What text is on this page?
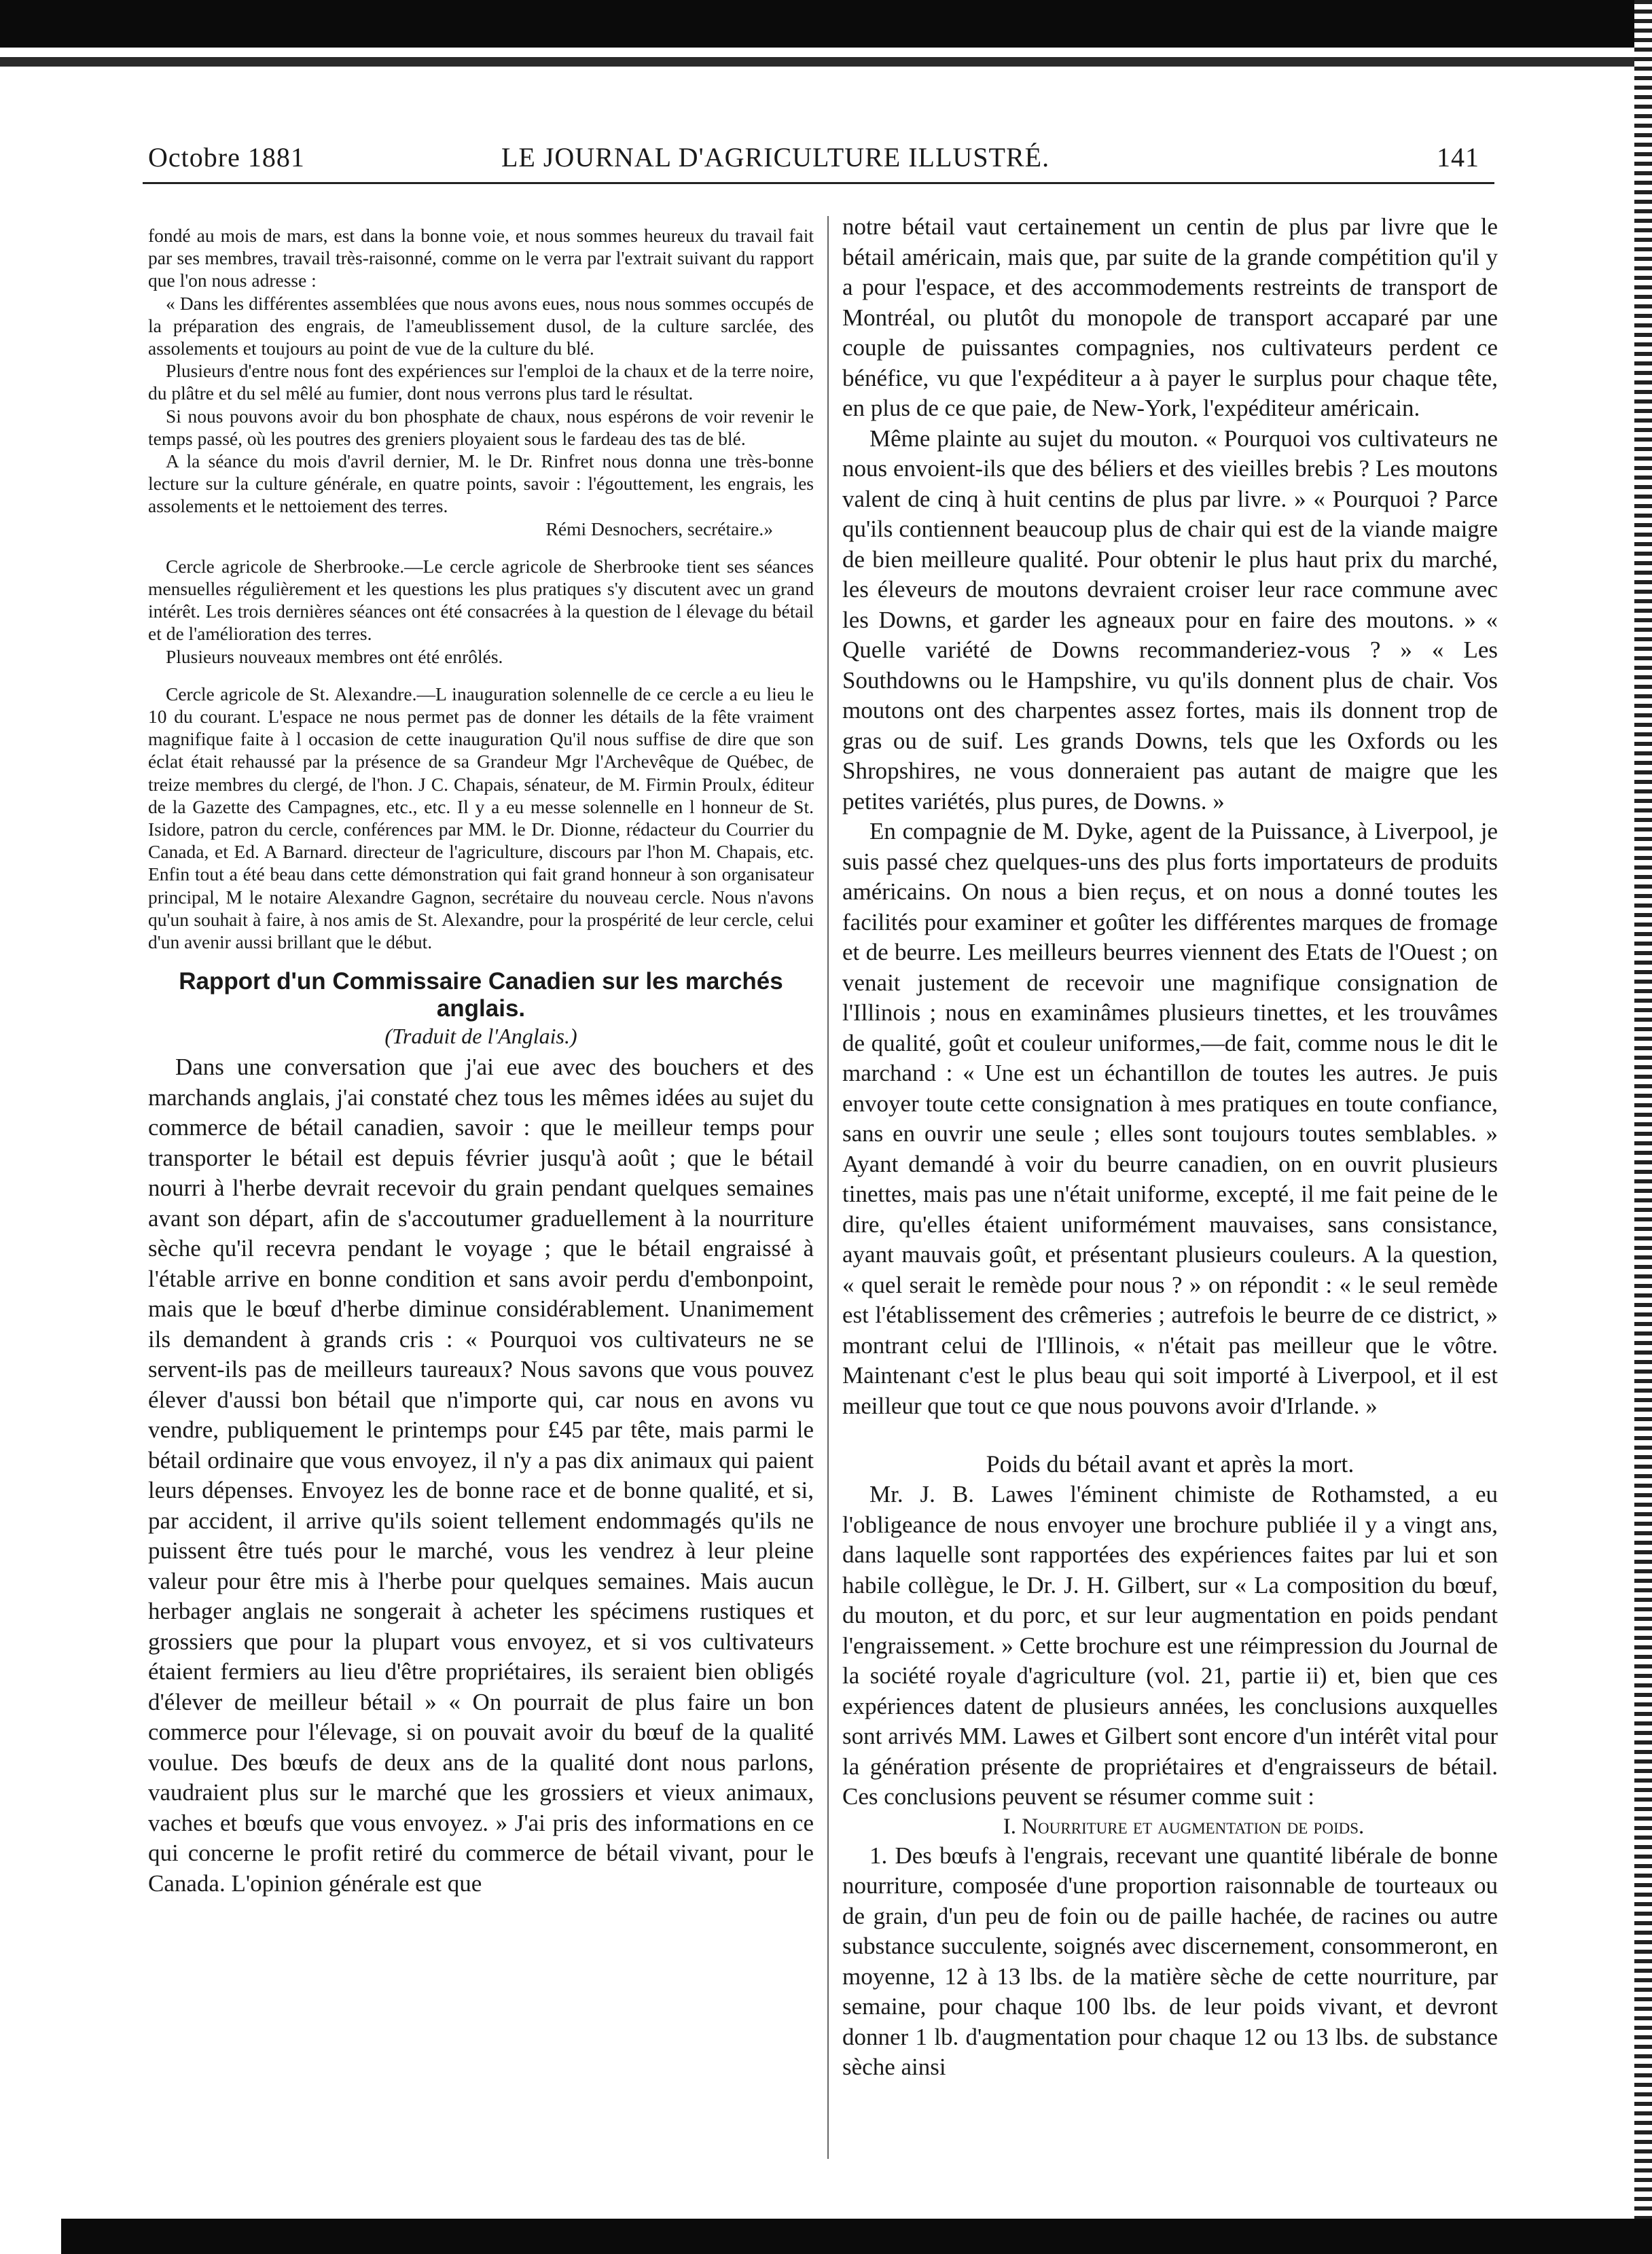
Octobre 1881	LE JOURNAL D'AGRICULTURE ILLUSTRÉ.	141

fondé au mois de mars, est dans la bonne voie, et nous sommes heureux du travail fait par ses membres, travail très-raisonné, comme on le verra par l'extrait suivant du rapport que l'on nous adresse :

« Dans les différentes assemblées que nous avons eues, nous nous sommes occupés de la préparation des engrais, de l'ameublissement dusol, de la culture sarclée, des assolements et toujours au point de vue de la culture du blé.

Plusieurs d'entre nous font des expériences sur l'emploi de la chaux et de la terre noire, du plâtre et du sel mêlé au fumier, dont nous verrons plus tard le résultat.

Si nous pouvons avoir du bon phosphate de chaux, nous espérons de voir revenir le temps passé, où les poutres des greniers ployaient sous le fardeau des tas de blé.

A la séance du mois d'avril dernier, M. le Dr. Rinfret nous donna une très-bonne lecture sur la culture générale, en quatre points, savoir : l'égouttement, les engrais, les assolements et le nettoiement des terres.

Rémi Desnochers, secrétaire.»

Cercle agricole de Sherbrooke.—Le cercle agricole de Sherbrooke tient ses séances mensuelles régulièrement et les questions les plus pratiques s'y discutent avec un grand intérêt. Les trois dernières séances ont été consacrées à la question de l élevage du bétail et de l'amélioration des terres.

Plusieurs nouveaux membres ont été enrôlés.

Cercle agricole de St. Alexandre.—L inauguration solennelle de ce cercle a eu lieu le 10 du courant. L'espace ne nous permet pas de donner les détails de la fête vraiment magnifique faite à l occasion de cette inauguration Qu'il nous suffise de dire que son éclat était rehaussé par la présence de sa Grandeur Mgr l'Archevêque de Québec, de treize membres du clergé, de l'hon. J C. Chapais, sénateur, de M. Firmin Proulx, éditeur de la Gazette des Campagnes, etc., etc. Il y a eu messe solennelle en l honneur de St. Isidore, patron du cercle, conférences par MM. le Dr. Dionne, rédacteur du Courrier du Canada, et Ed. A Barnard. directeur de l'agriculture, discours par l'hon M. Chapais, etc. Enfin tout a été beau dans cette démonstration qui fait grand honneur à son organisateur principal, M le notaire Alexandre Gagnon, secrétaire du nouveau cercle. Nous n'avons qu'un souhait à faire, à nos amis de St. Alexandre, pour la prospérité de leur cercle, celui d'un avenir aussi brillant que le début.

Rapport d'un Commissaire Canadien sur les marchés anglais.

(Traduit de l'Anglais.)

Dans une conversation que j'ai eue avec des bouchers et des marchands anglais, j'ai constaté chez tous les mêmes idées au sujet du commerce de bétail canadien, savoir : que le meilleur temps pour transporter le bétail est depuis février jusqu'à août ; que le bétail nourri à l'herbe devrait recevoir du grain pendant quelques semaines avant son départ, afin de s'accoutumer graduellement à la nourriture sèche qu'il recevra pendant le voyage ; que le bétail engraissé à l'étable arrive en bonne condition et sans avoir perdu d'embonpoint, mais que le bœuf d'herbe diminue considérablement. Unanimement ils demandent à grands cris : « Pourquoi vos cultivateurs ne se servent-ils pas de meilleurs taureaux? Nous savons que vous pouvez élever d'aussi bon bétail que n'importe qui, car nous en avons vu vendre, publiquement le printemps pour £45 par tête, mais parmi le bétail ordinaire que vous envoyez, il n'y a pas dix animaux qui paient leurs dépenses. Envoyez les de bonne race et de bonne qualité, et si, par accident, il arrive qu'ils soient tellement endommagés qu'ils ne puissent être tués pour le marché, vous les vendrez à leur pleine valeur pour être mis à l'herbe pour quelques semaines. Mais aucun herbager anglais ne songerait à acheter les spécimens rustiques et grossiers que pour la plupart vous envoyez, et si vos cultivateurs étaient fermiers au lieu d'être propriétaires, ils seraient bien obligés d'élever de meilleur bétail » « On pourrait de plus faire un bon commerce pour l'élevage, si on pouvait avoir du bœuf de la qualité voulue. Des bœufs de deux ans de la qualité dont nous parlons, vaudraient plus sur le marché que les grossiers et vieux animaux, vaches et bœufs que vous envoyez. » J'ai pris des informations en ce qui concerne le profit retiré du commerce de bétail vivant, pour le Canada. L'opinion générale est que

notre bétail vaut certainement un centin de plus par livre que le bétail américain, mais que, par suite de la grande compétition qu'il y a pour l'espace, et des accommodements restreints de transport de Montréal, ou plutôt du monopole de transport accaparé par une couple de puissantes compagnies, nos cultivateurs perdent ce bénéfice, vu que l'expéditeur a à payer le surplus pour chaque tête, en plus de ce que paie, de New-York, l'expéditeur américain.

Même plainte au sujet du mouton. « Pourquoi vos cultivateurs ne nous envoient-ils que des béliers et des vieilles brebis ? Les moutons valent de cinq à huit centins de plus par livre. » « Pourquoi ? Parce qu'ils contiennent beaucoup plus de chair qui est de la viande maigre de bien meilleure qualité. Pour obtenir le plus haut prix du marché, les éleveurs de moutons devraient croiser leur race commune avec les Downs, et garder les agneaux pour en faire des moutons. » « Quelle variété de Downs recommanderiez-vous ? » « Les Southdowns ou le Hampshire, vu qu'ils donnent plus de chair. Vos moutons ont des charpentes assez fortes, mais ils donnent trop de gras ou de suif. Les grands Downs, tels que les Oxfords ou les Shropshires, ne vous donneraient pas autant de maigre que les petites variétés, plus pures, de Downs. »

En compagnie de M. Dyke, agent de la Puissance, à Liverpool, je suis passé chez quelques-uns des plus forts importateurs de produits américains. On nous a bien reçus, et on nous a donné toutes les facilités pour examiner et goûter les différentes marques de fromage et de beurre. Les meilleurs beurres viennent des Etats de l'Ouest ; on venait justement de recevoir une magnifique consignation de l'Illinois ; nous en examinâmes plusieurs tinettes, et les trouvâmes de qualité, goût et couleur uniformes,—de fait, comme nous le dit le marchand : « Une est un échantillon de toutes les autres. Je puis envoyer toute cette consignation à mes pratiques en toute confiance, sans en ouvrir une seule ; elles sont toujours toutes semblables. » Ayant demandé à voir du beurre canadien, on en ouvrit plusieurs tinettes, mais pas une n'était uniforme, excepté, il me fait peine de le dire, qu'elles étaient uniformément mauvaises, sans consistance, ayant mauvais goût, et présentant plusieurs couleurs. A la question, « quel serait le remède pour nous ? » on répondit : « le seul remède est l'établissement des crêmeries ; autrefois le beurre de ce district, » montrant celui de l'Illinois, « n'était pas meilleur que le vôtre. Maintenant c'est le plus beau qui soit importé à Liverpool, et il est meilleur que tout ce que nous pouvons avoir d'Irlande. »

Poids du bétail avant et après la mort.

Mr. J. B. Lawes l'éminent chimiste de Rothamsted, a eu l'obligeance de nous envoyer une brochure publiée il y a vingt ans, dans laquelle sont rapportées des expériences faites par lui et son habile collègue, le Dr. J. H. Gilbert, sur « La composition du bœuf, du mouton, et du porc, et sur leur augmentation en poids pendant l'engraissement. » Cette brochure est une réimpression du Journal de la société royale d'agriculture (vol. 21, partie ii) et, bien que ces expériences datent de plusieurs années, les conclusions auxquelles sont arrivés MM. Lawes et Gilbert sont encore d'un intérêt vital pour la génération présente de propriétaires et d'engraisseurs de bétail. Ces conclusions peuvent se résumer comme suit :

I. Nourriture et augmentation de poids.

1. Des bœufs à l'engrais, recevant une quantité libérale de bonne nourriture, composée d'une proportion raisonnable de tourteaux ou de grain, d'un peu de foin ou de paille hachée, de racines ou autre substance succulente, soignés avec discernement, consommeront, en moyenne, 12 à 13 lbs. de la matière sèche de cette nourriture, par semaine, pour chaque 100 lbs. de leur poids vivant, et devront donner 1 lb. d'augmentation pour chaque 12 ou 13 lbs. de substance sèche ainsi
